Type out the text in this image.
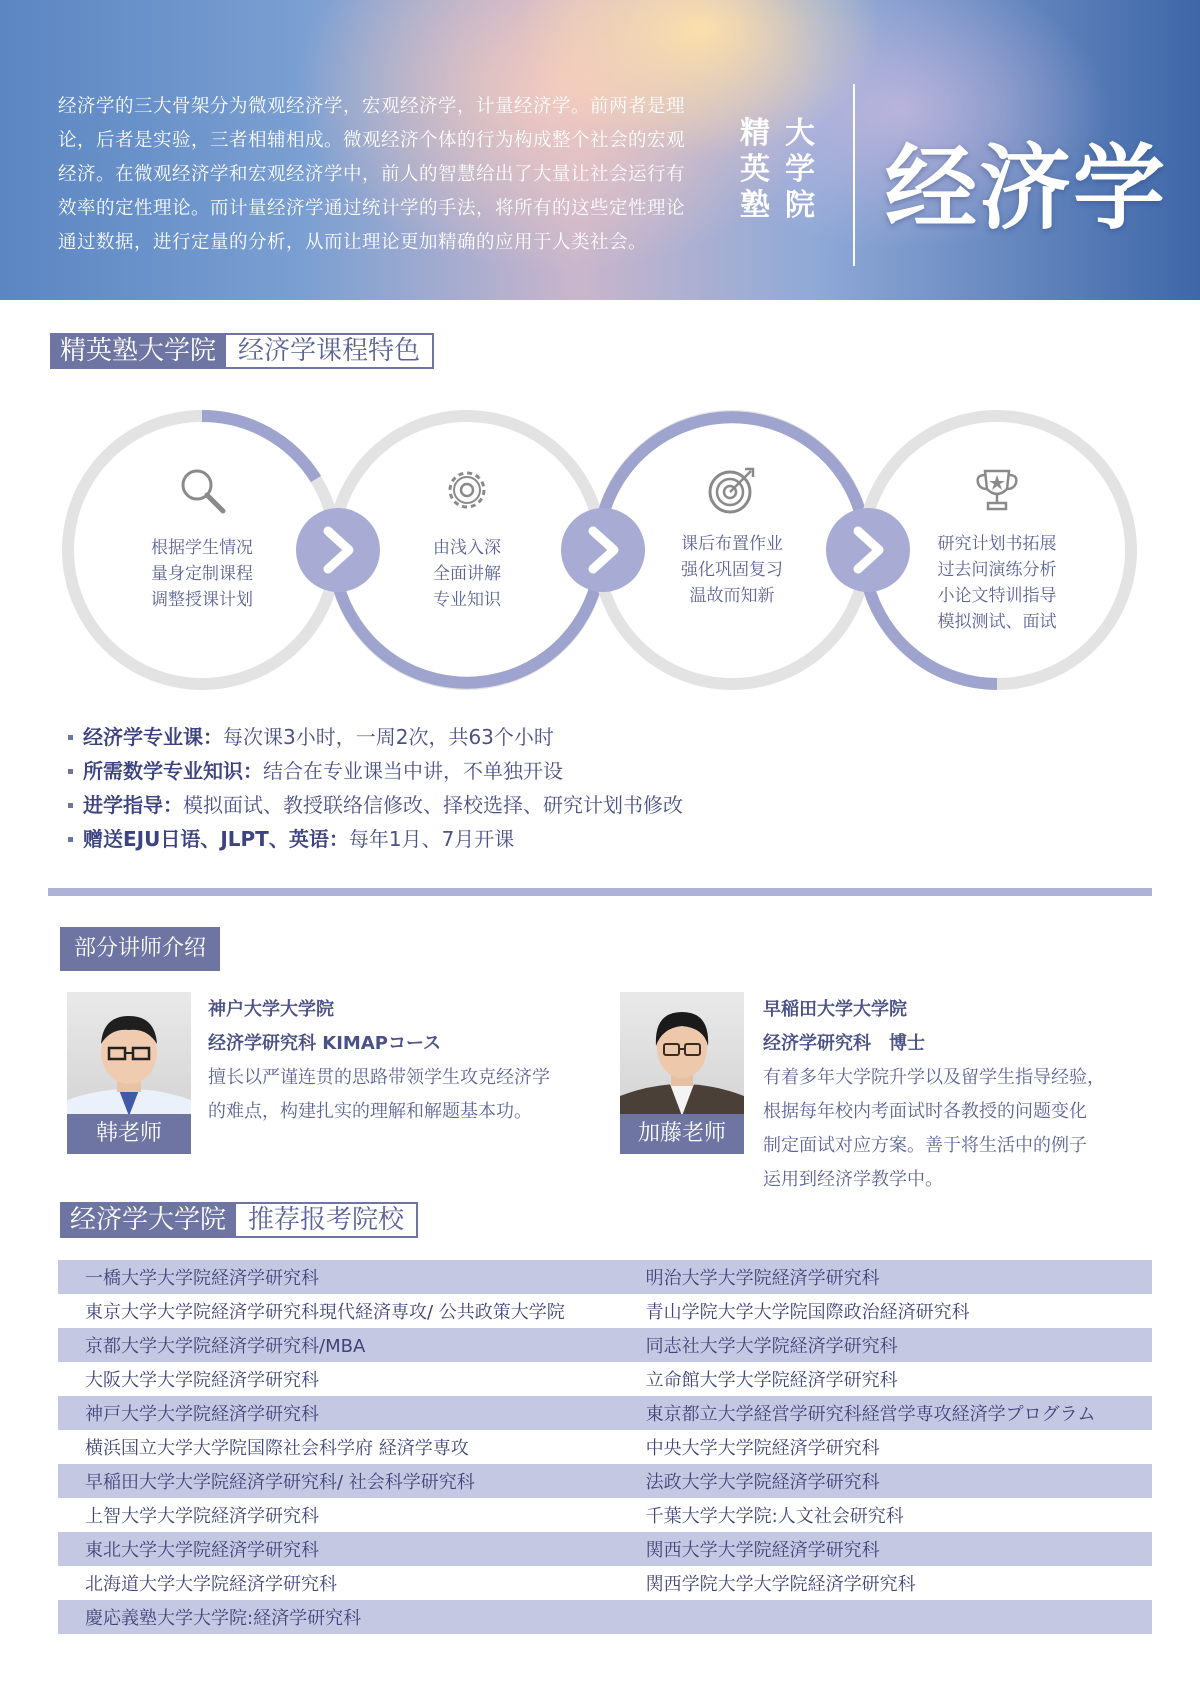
经济学的三大骨架分为微观经济学，宏观经济学，计量经济学。前两者是理论，后者是实验，三者相辅相成。微观经济个体的行为构成整个社会的宏观经济。在微观经济学和宏观经济学中，前人的智慧给出了大量让社会运行有效率的定性理论。而计量经济学通过统计学的手法，将所有的这些定性理论通过数据，进行定量的分析，从而让理论更加精确的应用于人类社会。
精英塾
大学院 经济学
精英塾大学院 经济学课程特色
根据学生情况
量身定制课程
调整授课计划
由浅入深
全面讲解
专业知识
课后布置作业
强化巩固复习
温故而知新
研究计划书拓展
过去问演练分析
小论文特训指导
模拟测试、面试
经济学专业课： 每次课3小时，一周2次，共63个小时
所需数学专业知识： 结合在专业课当中讲，不单独开设
进学指导： 模拟面试、教授联络信修改、择校选择、研究计划书修改
赠送EJU日语、JLPT、英语： 每年1月、7月开课
部分讲师介绍
韩老师
神户大学大学院
经济学研究科 KIMAPコース
擅长以严谨连贯的思路带领学生攻克经济学
的难点，构建扎实的理解和解题基本功。
加藤老师
早稲田大学大学院
经济学研究科　博士
有着多年大学院升学以及留学生指导经验，
根据每年校内考面试时各教授的问题变化
制定面试对应方案。善于将生活中的例子
运用到经济学教学中。
经济学大学院 推荐报考院校
一橋大学大学院経済学研究科	明治大学大学院経済学研究科
東京大学大学院経済学研究科現代経済専攻/ 公共政策大学院	青山学院大学大学院国際政治経済研究科
京都大学大学院経済学研究科/MBA	同志社大学大学院経済学研究科
大阪大学大学院経済学研究科	立命館大学大学院経済学研究科
神戸大学大学院経済学研究科	東京都立大学経営学研究科経営学専攻経済学プログラム
横浜国立大学大学院国際社会科学府 経済学専攻	中央大学大学院経済学研究科
早稲田大学大学院経済学研究科/ 社会科学研究科	法政大学大学院経済学研究科
上智大学大学院経済学研究科	千葉大学大学院:人文社会研究科
東北大学大学院経済学研究科	関西大学大学院経済学研究科
北海道大学大学院経済学研究科	関西学院大学大学院経済学研究科
慶応義塾大学大学院:経済学研究科	
